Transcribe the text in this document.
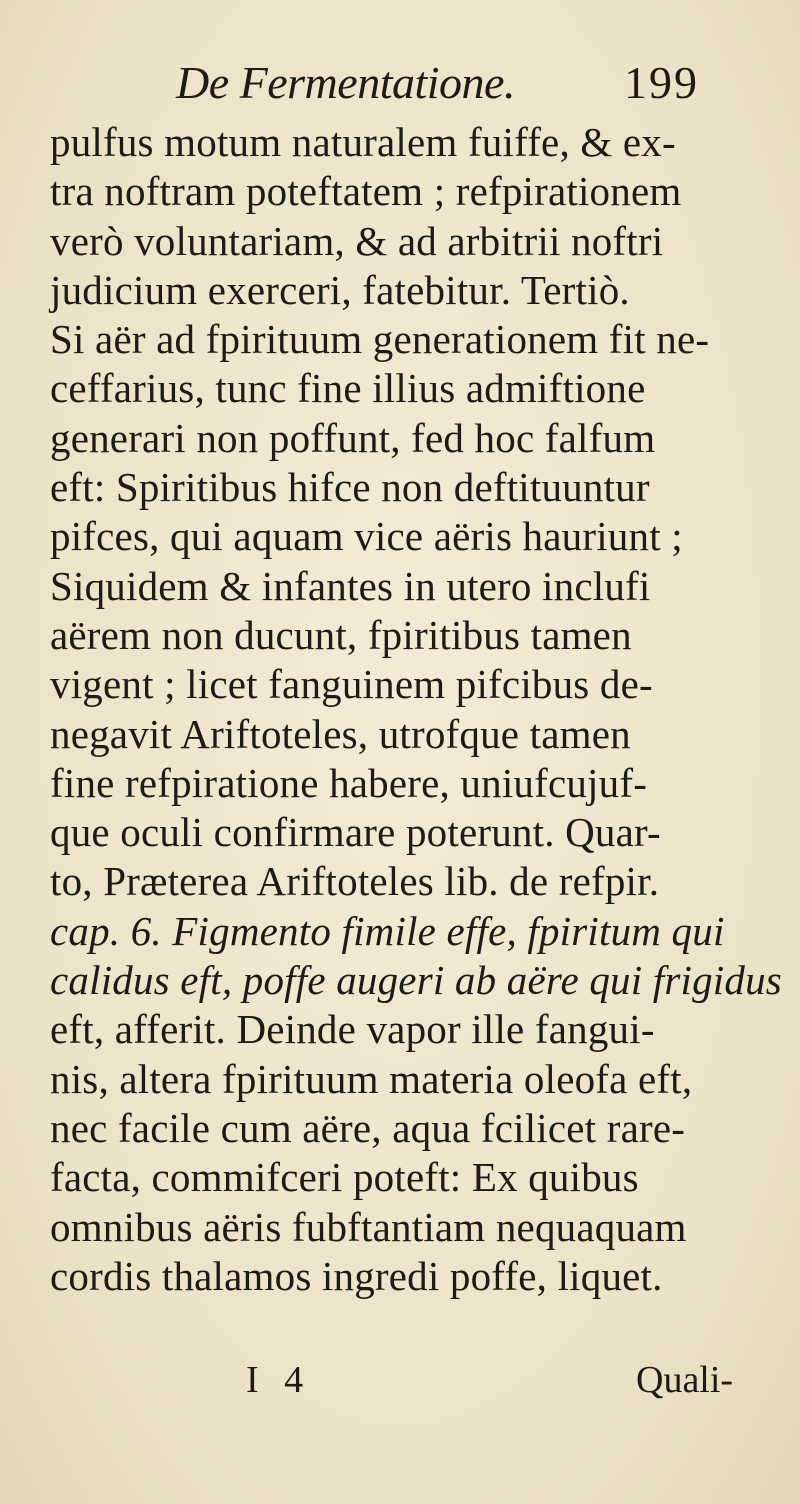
De Fermentatione. 199
pulfus motum naturalem fuiffe, & ex-
tra noftram poteftatem ; refpirationem
verò voluntariam, & ad arbitrii noftri
judicium exerceri, fatebitur. Tertiò.
Si aër ad fpirituum generationem fit ne-
ceffarius, tunc fine illius admiftione
generari non poffunt, fed hoc falfum
eft: Spiritibus hifce non deftituuntur
pifces, qui aquam vice aëris hauriunt ;
Siquidem & infantes in utero inclufi
aërem non ducunt, fpiritibus tamen
vigent ; licet fanguinem pifcibus de-
negavit Ariftoteles, utrofque tamen
fine refpiratione habere, uniufcujuf-
que oculi confirmare poterunt. Quar-
to, Præterea Ariftoteles lib. de refpir.
cap. 6. Figmento fimile effe, fpiritum qui
calidus eft, poffe augeri ab aëre qui frigidus
eft, afferit. Deinde vapor ille fangui-
nis, altera fpirituum materia oleofa eft,
nec facile cum aëre, aqua fcilicet rare-
facta, commifceri poteft: Ex quibus
omnibus aëris fubftantiam nequaquam
cordis thalamos ingredi poffe, liquet.
I 4	Quali-
